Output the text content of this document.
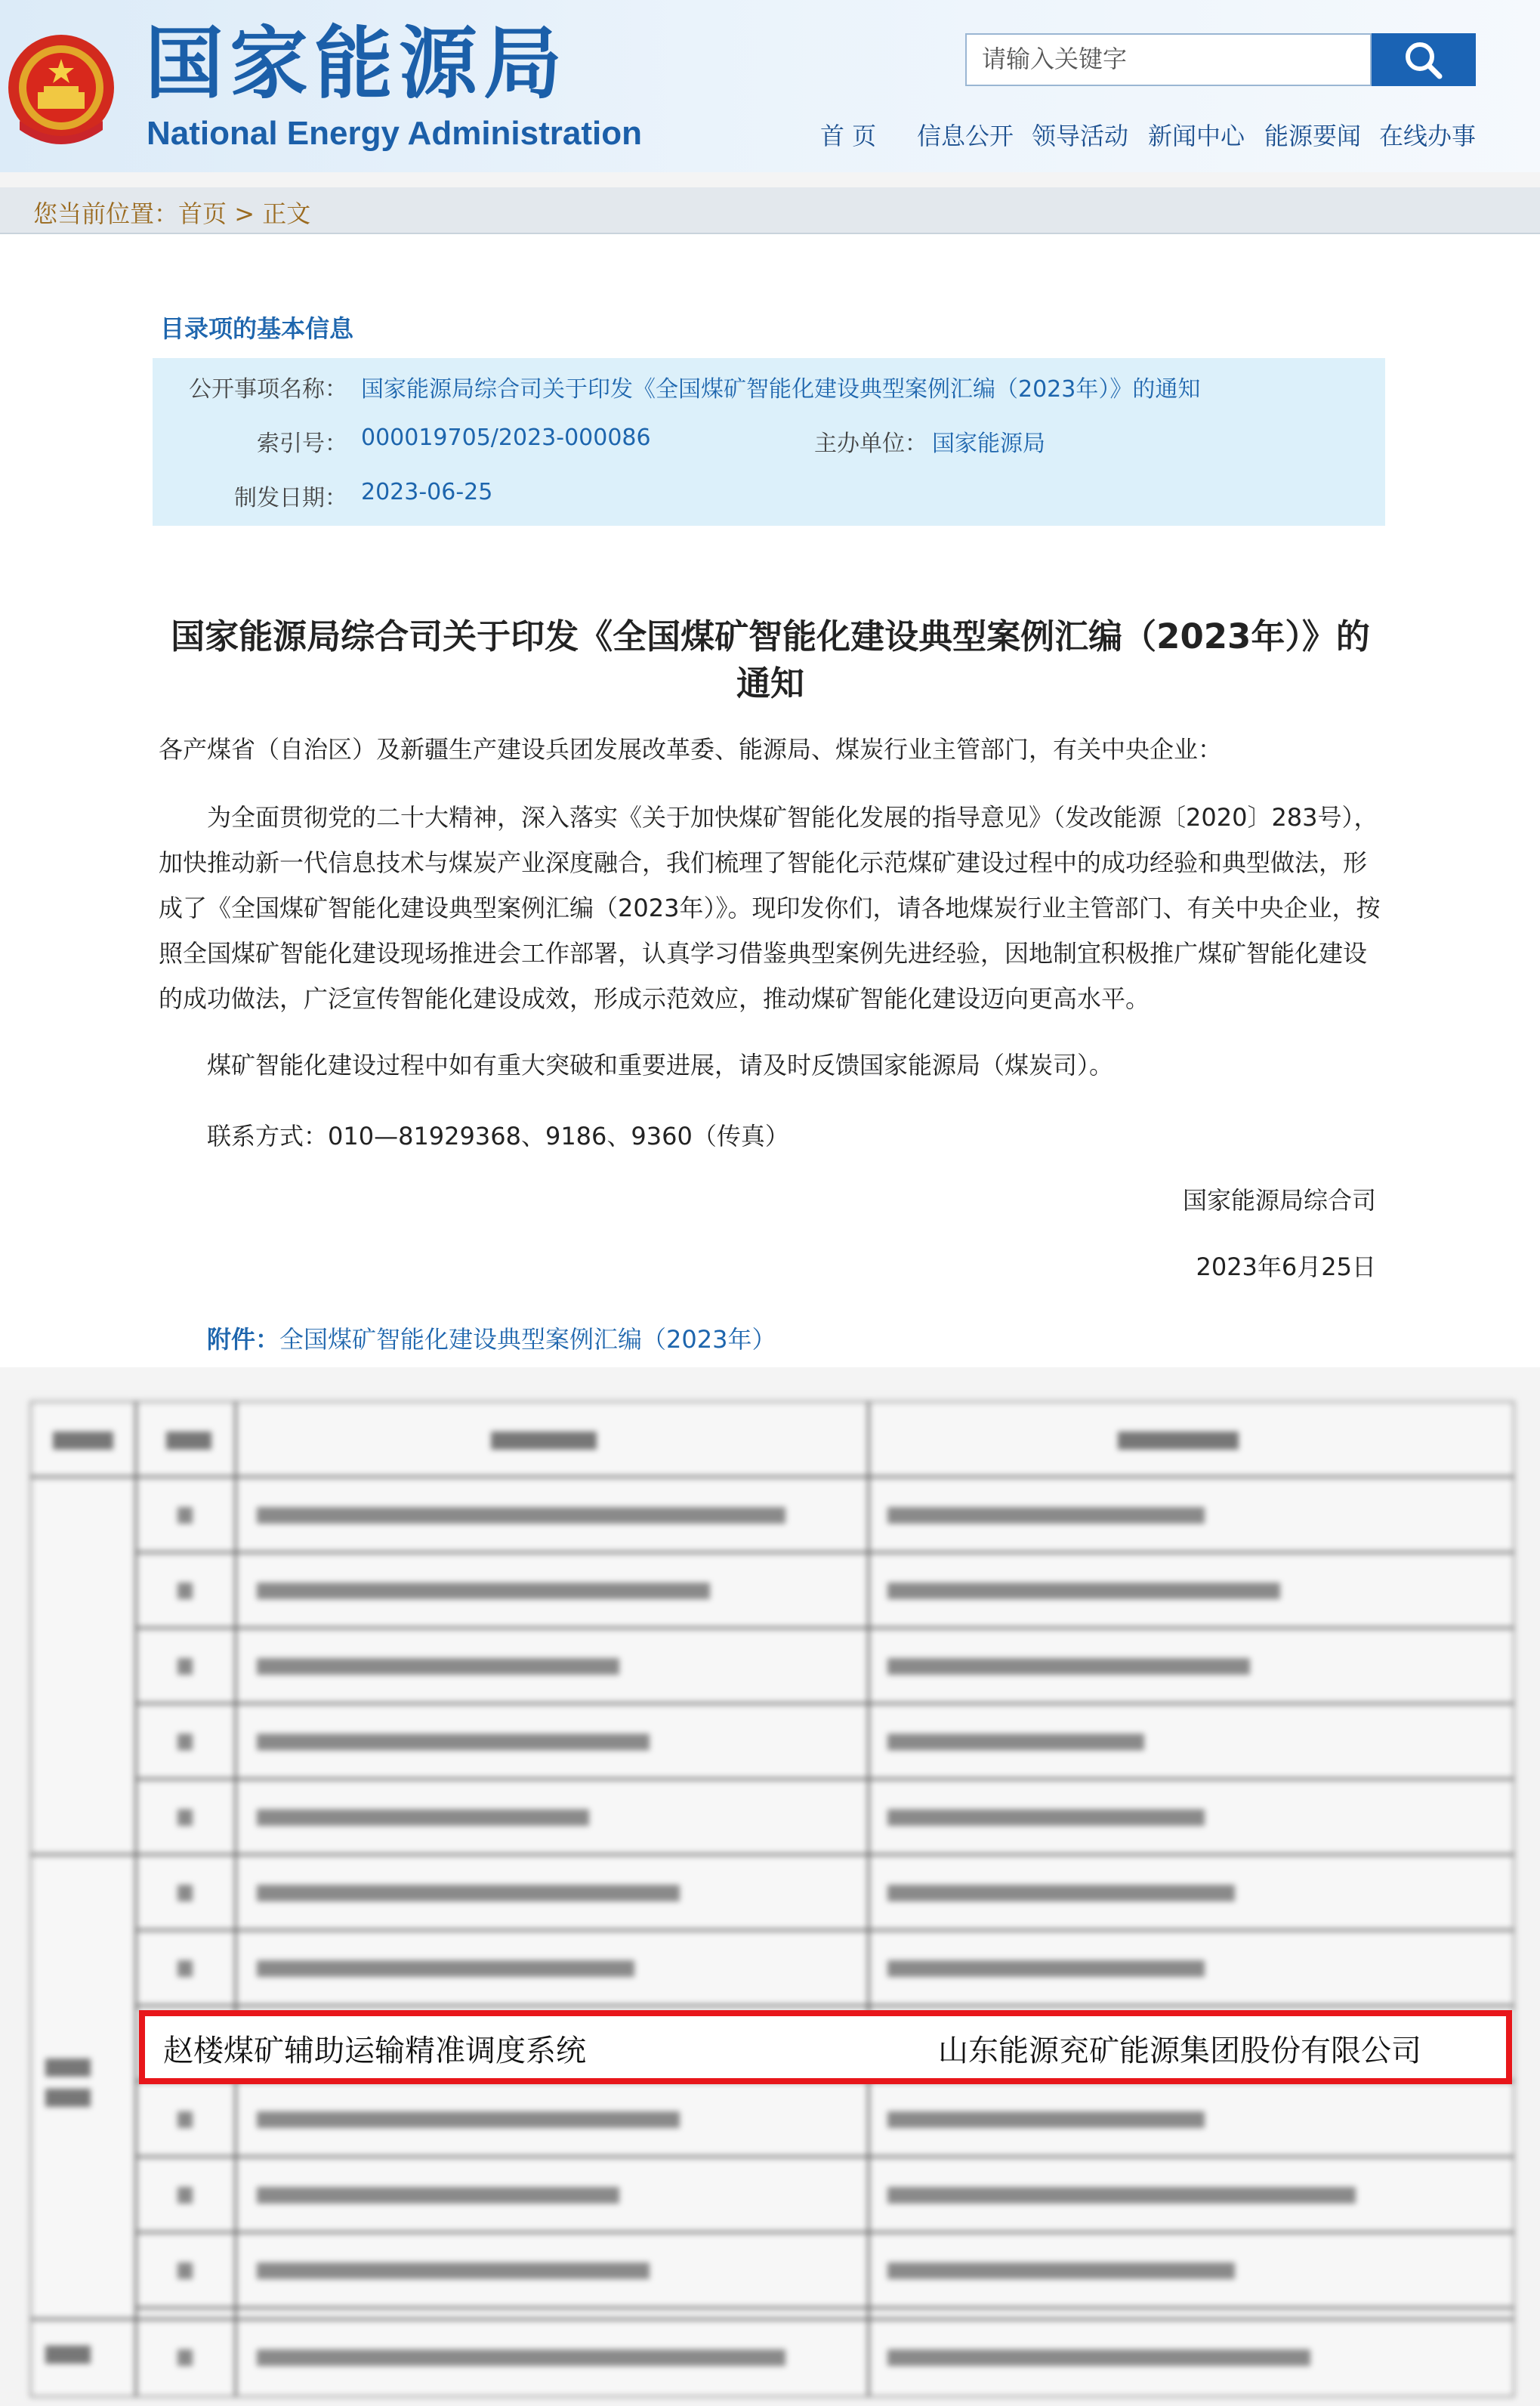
国家能源局
National Energy Administration
请输入关键字	首 页 信息公开 领导活动 新闻中心 能源要闻 在线办事
您当前位置：首页 > 正文
目录项的基本信息
公开事项名称： 国家能源局综合司关于印发《全国煤矿智能化建设典型案例汇编（2023年）》的通知
索引号： 000019705/2023-000086	主办单位： 国家能源局
制发日期： 2023-06-25
国家能源局综合司关于印发《全国煤矿智能化建设典型案例汇编（2023年）》的通知
各产煤省（自治区）及新疆生产建设兵团发展改革委、能源局、煤炭行业主管部门，有关中央企业：
为全面贯彻党的二十大精神，深入落实《关于加快煤矿智能化发展的指导意见》（发改能源〔2020〕283号），加快推动新一代信息技术与煤炭产业深度融合，我们梳理了智能化示范煤矿建设过程中的成功经验和典型做法，形成了《全国煤矿智能化建设典型案例汇编（2023年）》。现印发你们，请各地煤炭行业主管部门、有关中央企业，按照全国煤矿智能化建设现场推进会工作部署，认真学习借鉴典型案例先进经验，因地制宜积极推广煤矿智能化建设的成功做法，广泛宣传智能化建设成效，形成示范效应，推动煤矿智能化建设迈向更高水平。
煤矿智能化建设过程中如有重大突破和重要进展，请及时反馈国家能源局（煤炭司）。
联系方式：010—81929368、9186、9360（传真）
国家能源局综合司
2023年6月25日
附件：全国煤矿智能化建设典型案例汇编（2023年）
赵楼煤矿辅助运输精准调度系统	山东能源兖矿能源集团股份有限公司
